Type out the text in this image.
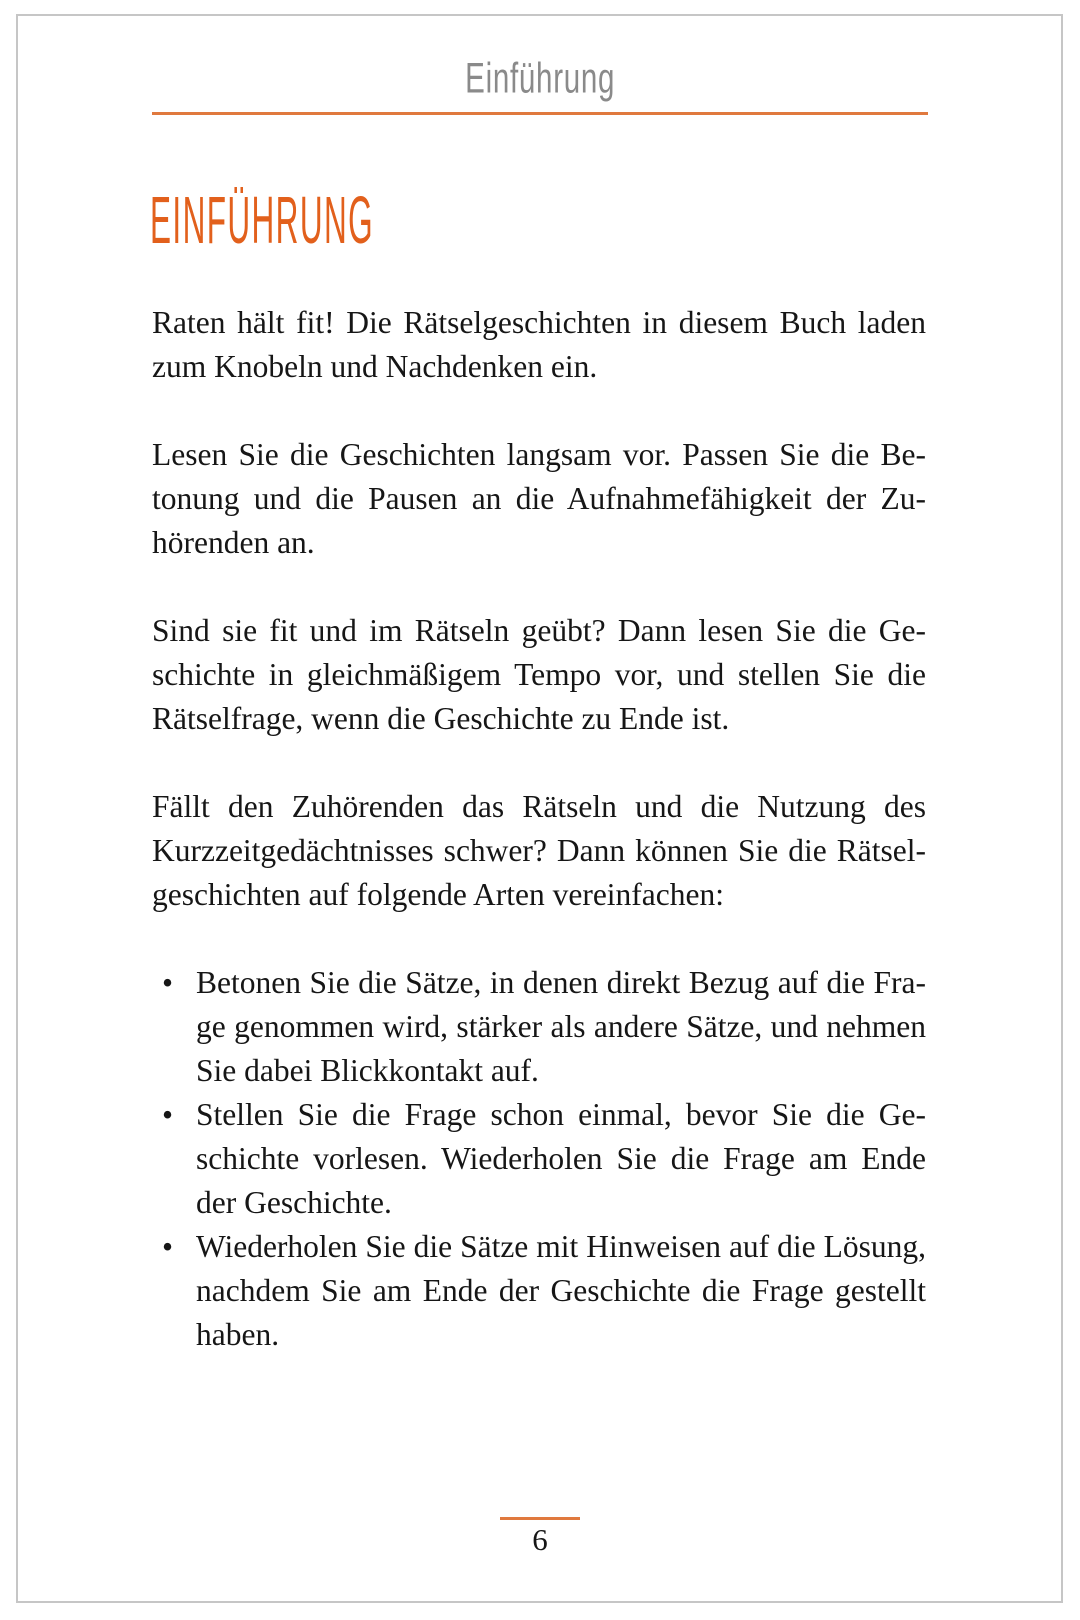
Einführung
EINFÜHRUNG
Raten hält fit! Die Rätselgeschichten in diesem Buch laden
zum Knobeln und Nachdenken ein.
Lesen Sie die Geschichten langsam vor. Passen Sie die Be-
tonung und die Pausen an die Aufnahmefähigkeit der Zu-
hörenden an.
Sind sie fit und im Rätseln geübt? Dann lesen Sie die Ge-
schichte in gleichmäßigem Tempo vor, und stellen Sie die
Rätselfrage, wenn die Geschichte zu Ende ist.
Fällt den Zuhörenden das Rätseln und die Nutzung des
Kurzzeitgedächtnisses schwer? Dann können Sie die Rätsel-
geschichten auf folgende Arten vereinfachen:
• Betonen Sie die Sätze, in denen direkt Bezug auf die Fra-
ge genommen wird, stärker als andere Sätze, und nehmen
Sie dabei Blickkontakt auf.
• Stellen Sie die Frage schon einmal, bevor Sie die Ge-
schichte vorlesen. Wiederholen Sie die Frage am Ende
der Geschichte.
• Wiederholen Sie die Sätze mit Hinweisen auf die Lösung,
nachdem Sie am Ende der Geschichte die Frage gestellt
haben.
6
